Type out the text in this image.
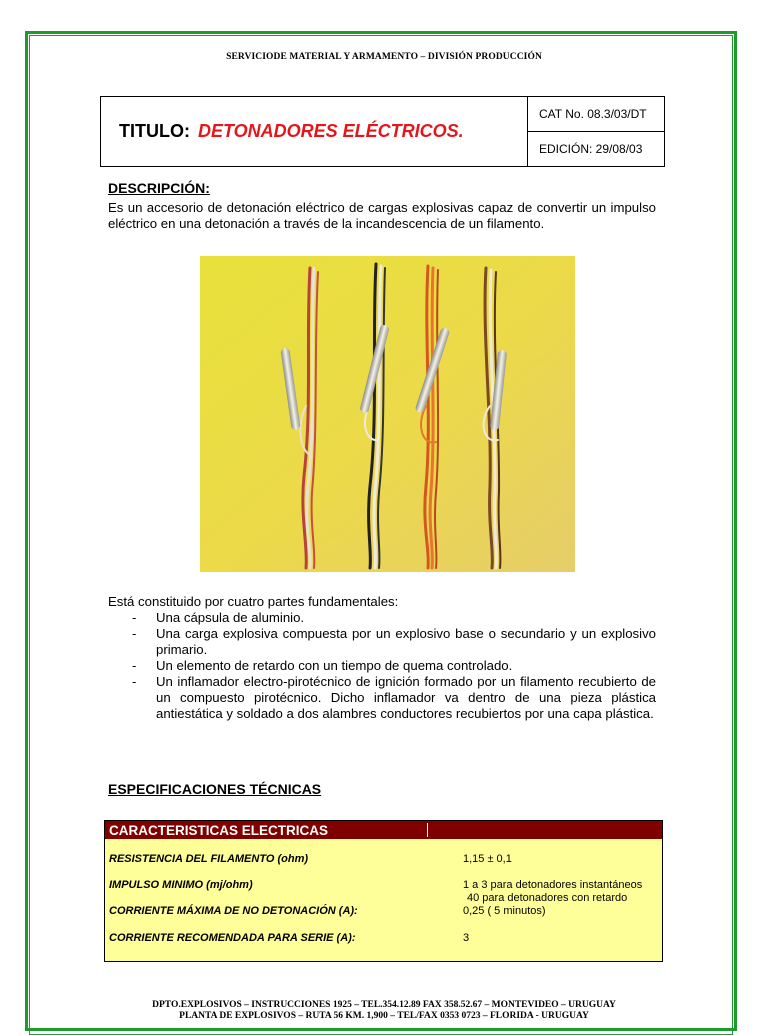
SERVICIODE MATERIAL Y ARMAMENTO – DIVISIÓN PRODUCCIÓN
TITULO: DETONADORES ELÉCTRICOS.
CAT No. 08.3/03/DT
EDICIÓN: 29/08/03
DESCRIPCIÓN:
Es un accesorio de detonación eléctrico de cargas explosivas capaz de convertir un impulso eléctrico en una detonación a través de la incandescencia de un filamento.
Está constituido por cuatro partes fundamentales:
- Una cápsula de aluminio.
- Una carga explosiva compuesta por un explosivo base o secundario y un explosivo primario.
- Un elemento de retardo con un tiempo de quema controlado.
- Un inflamador electro-pirotécnico de ignición formado por un filamento recubierto de un compuesto pirotécnico. Dicho inflamador va dentro de una pieza plástica antiestática y soldado a dos alambres conductores recubiertos por una capa plástica.
ESPECIFICACIONES TÉCNICAS
CARACTERISTICAS ELECTRICAS
RESISTENCIA DEL FILAMENTO (ohm)	1,15 ± 0,1
IMPULSO MINIMO (mj/ohm)	1 a 3 para detonadores instantáneos
40 para detonadores con retardo
CORRIENTE MÁXIMA DE NO DETONACIÓN (A):	0,25 ( 5 minutos)
CORRIENTE RECOMENDADA PARA SERIE (A):	3
DPTO.EXPLOSIVOS – INSTRUCCIONES 1925 – TEL.354.12.89 FAX 358.52.67 – MONTEVIDEO – URUGUAY
PLANTA DE EXPLOSIVOS – RUTA 56 KM. 1,900 – TEL/FAX 0353 0723 – FLORIDA - URUGUAY
